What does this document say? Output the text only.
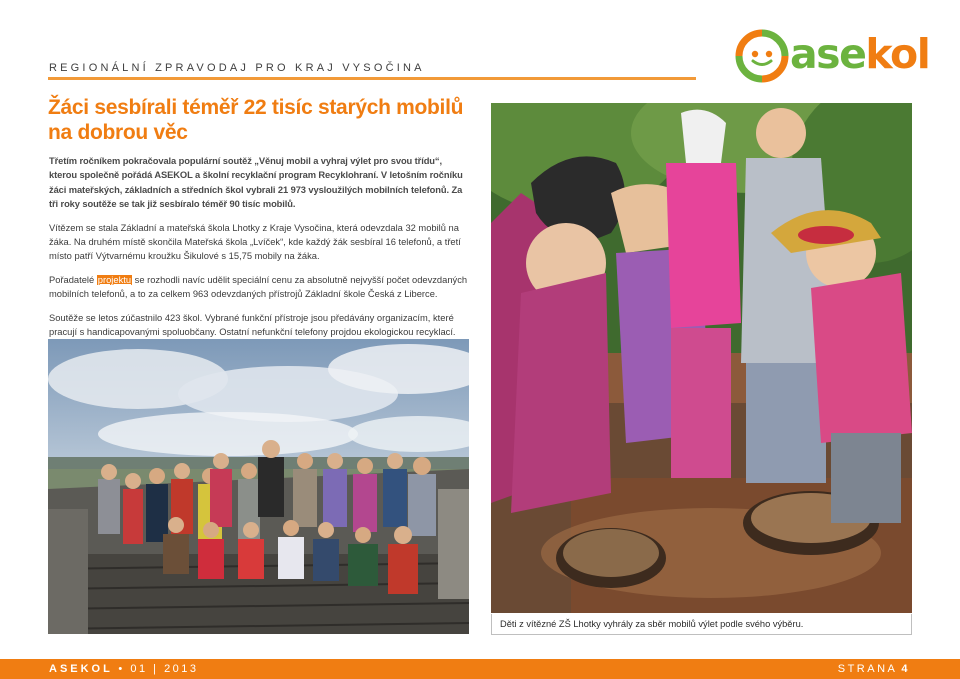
REGIONÁLNÍ ZPRAVODAJ PRO KRAJ VYSOČINA	asekol
Žáci sesbírali téměř 22 tisíc starých mobilů na dobrou věc

Třetím ročníkem pokračovala populární soutěž „Věnuj mobil a vyhraj výlet pro svou třídu“, kterou společně pořádá ASEKOL a školní recyklační program Recyklohraní. V letošním ročníku žáci mateřských, základních a středních škol vybrali 21 973 vysloužilých mobilních telefonů. Za tři roky soutěže se tak již sesbíralo téměř 90 tisíc mobilů.

Vítězem se stala Základní a mateřská škola Lhotky z Kraje Vysočina, která odevzdala 32 mobilů na žáka. Na druhém místě skončila Mateřská škola „Lvíček“, kde každý žák sesbíral 16 telefonů, a třetí místo patří Výtvarnému kroužku Šikulové s 15,75 mobily na žáka.

Pořadatelé projektu se rozhodli navíc udělit speciální cenu za absolutně nejvyšší počet odevzdaných mobilních telefonů, a to za celkem 963 odevzdaných přístrojů Základní škole Česká z Liberce.

Soutěže se letos zúčastnilo 423 škol. Vybrané funkční přístroje jsou předávány organizacím, které pracují s handicapovanými spoluobčany. Ostatní nefunkční telefony projdou ekologickou recyklací.

Děti z vítězné ZŠ Lhotky vyhrály za sběr mobilů výlet podle svého výběru.
ASEKOL • 01 | 2013	STRANA 4
